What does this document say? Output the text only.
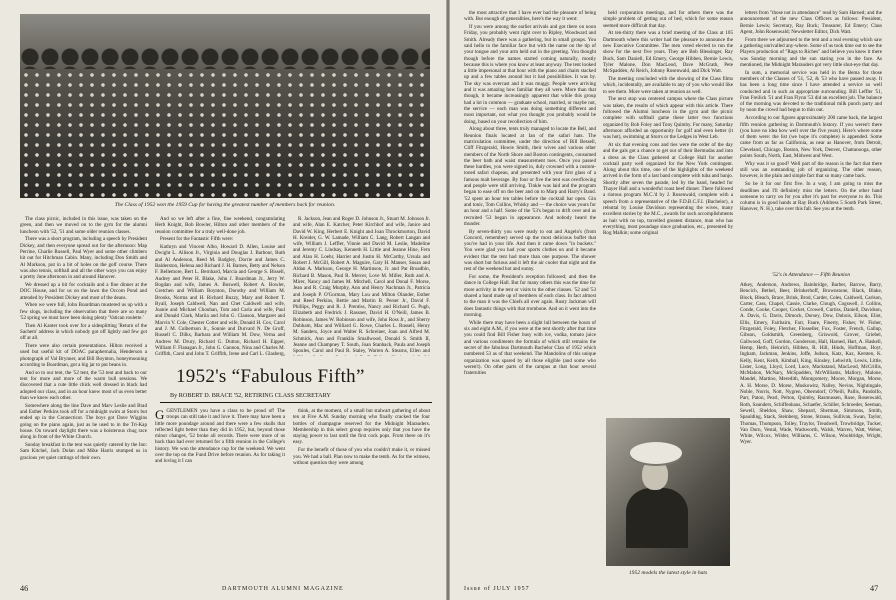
The Class of 1952 won the 1959 Cup for having the greatest number of members back for reunion.

The class picnic, included in this issue, was taken on the green, and then we moved on to the gym for the alumni luncheon with '52, '51 and some older reunion classes.

There was a short program, including a speech by President Dickey, and then everyone spread out for the afternoon: Map Perrine, Charlie Russell, Paul Wyer and some other climbers hit out for Hitchman Cabin. Many, including Don Smith and Al Markson, put in a bit of holes on the golf course. There was also tennis, softball and all the other ways you can enjoy a pretty June afternoon in and around Hanover.

We dressed up a bit for cocktails and a fine dinner at the DOC House, and for us on the lawn the Occom Pond and attended by President Dickey and most of the deans.

When we were full, John Boardman mustered us up with a few slogs, including the observation that there are so many '52 spring we must have been doing plenty 'Vatican roulette.'

Then Al Kanter took over for a sidesplitting 'Return of the Sachem' address in which nobody got off lightly and few got off at all.

There were also certain presentations. Hilton received a used but useful kit of DOAC paraphernalia, Henderson a photograph of Val Brynner, and Bill Boynton, honeymooning according to Boardman, got a big jar to put beans in.

And so to our tent, the '52 tent, the '53 tent and back to our tent for more and more of the warm bull sessions. We discovered that a cute little chick well dressed in black had adopted our class, and in an hour knew most of us even better than we knew each other.

Somewhere along the line Dave and Marv Leslie and Brad and Esther Perkins took off for a midnight swim at Storrs but ended up in the Connecticut. The boys got Dave Wiggins going on the piano again, just as he used to in the Tri-Kap house. On toward daylight there was a boisterous chug race along in front of the White Church.

Sunday breakfast in the tent was quietly catered by the Inn: Sam Kitchel, Jack Dolan and Mike Harris stumped us in gracious yet quiet cuttings of their own.

And so we left after a fine, fine weekend, congratulating Herb Knight, Bob Bowler, Hilton and other members of the reunion committee for a truly well-done job.

Present for the Fantastic Fifth were:

Kathryn and Vincent Albo, Howard D. Allen, Louise and Dwight L. Allison Jr., Virginia and Douglas J. Barbour, Ruth and Al Anderson, Reed M. Badgley, Dorrie and James C. Balderston, Helena and Richard J. H. Barnes, Betty and Nelson F. Bellemore, Bert L. Bernhard, Marcia and George S. Bissell, Audrey and Peter H. Blake, John J. Boardman Jr., Jerry W. Bogdan and wife, James A. Boswell, Robert A. Bowler, Gretchen and William Boynton, Dorothy and William M. Brooks, Norma and H. Richard Buzzy, Mary and Robert T. Byall, Joseph Caldwell, Nan and Chet Caldwell and wife, Joanie and Michael Chouhan, Tom and Carla and wife, Paul and Donald Clark, Mariia and John G. Clauson, Margaret and Marvin V. Cole, Chester Cotter and wife, Donald H. Cox, Carol and J. M. Culbertson Jr., Sonnie and Durvard N. De Groff, Russell C. Dilks, Barbara and William M. Dow, Verna and Andrew M. Drury, Richard G. Dutton, Richard H. Eipper, William F. Flanagan Jr., John G. Gannon, Nina and Charles M. Griffith, Carol and John T. Griffith, Irene and Carl L. Glasberg,

R. Jackson, Jean and Roger D. Johnson Jr., Stuart M. Johnson Jr. and wife, Alan E. Katcher, Peter Kirchhof and wife, Janice and David W. King, Herbert E. Knight and Joan Throckmorton, David H. Kreider, G. W. Lamade, William C. Lang, Robert Langan and wife, William J. Leffler, Vinnie and David M. Leslie, Madeline and Jeremy C. Lindsay, Kenneth H. Little and Jeanne Hine, Fern and Alan H. Loehr, Harriet and Justin H. McCarthy, Ursula and Robert J. McGill, Robert A. Maguire, Gary H. Manser, Susan and Aldan A. Markson, George H. Martinson, Jr. and Pat Broadbin, Richard B. Mason, Paul R. Mercer, Love M. Miller, Ruth and A. Mirer, Nancy and James M. Mitchell, Carol and Donal F. Morse, Jean and R. Craig Murphy, Ann and Henry Nachman Jr., Patricia and Joseph P. O'Gorman, Mary Lou and Milton Olander, Esther and Reed Perkins, Bettie and Martin B. Perser Jr., David F. Phillips, Peggy and R. J. Prentiss, Nancy and Richard G. Pugh, Elizabeth and Fredrick J. Rassner, David H. O'Neill, James B. Robinson, James W. Robinson and wife, John Ross Jr., and Sherry Dubham, Mac and Williard G. Rowe, Charles L. Russell, Henry M. Sanders, Joyce and Walter R. Schreiner, Joan and Alfred M. Schmick, Ann and Franklin Smallwood, Donald S. Smith II, Jeanne and Champney T. South, Joan Stanback, Paula and Joseph Spoules, Carol and Paul R. Staley, Warren A. Stearns, Ellen and

1952's “Fabulous Fifth”
By ROBERT D. BRACE '52, RETIRING CLASS SECRETARY

GGENTLEMEN you have a class to be proud of! The troops can still take it and love it. There may have been a little more poundage around and there were a few skulls that reflected light better than they did in 1952, but, beyond those minor changes, '52 broke all records. There were more of us back than had ever returned for a fifth reunion in the College's history. We won the attendance cup for the weekend. We went over the top on the Fund Drive before reunion. As for taking it and loving it I can

think, at the moment, of a small but stalwart gathering of about ten at Five A.M. Sunday morning who finally cracked the four bottles of champagne reserved for the Midnight Marauders. Membership in this select group requires only that you have the staying power to last until the first cock pops. From there on it's easy.

For the benefit of those of you who couldn't make it, or missed you. We had a ball. Plan now to make the tenth. As for the witness, without question they were among

46	DARTMOUTH ALUMNI MAGAZINE

the most attractive that I have ever had the pleasure of being with. But enough of generalities, here's the way it went:

If you were among the earlier arrivals and got there on noon Friday, you probably went right over to Ripley, Woodward and Smith. Already there was a gathering, but in small groups. You said hello to the familiar face but with the name on the tip of your tongue and your arm held out in the greeting. You thought though before the names started coming naturally, mostly because this is where you know at least anyway. The tent looked a little impersonal at that hour with the piano and chairs stacked up and a few tables around but it had possibilities. It was by. The sky was overcast and it was muggy. People were arriving and it was amazing how familiar they all were. More than that though, it became increasingly apparent that while this group had a lot in common — graduate school, married, or maybe not, the service — each man was doing something different and most important, not what you thought you probably would be doing, based on your recollection of him.

Along about three, tents truly managed to locate the Bell, and Reunion finals located at Ian of the safari hats. The matriculation committee, under the direction of Bill Bessell, Cliff Fitzgerald, Howie Smith, their wives and various other members of the North Shore and Boston contingents, consumed the beer bath and waist measurement toes. Once you passed these hurdles, you were signed in, duly crowned with a custom-toned safari chapeau, and presented with your first glass of a famous malt beverage. By four or five the tent was overflowing and people were still arriving. Tinkle was laid and the program began to ease off on the beer and on to Marp and Harry's Band. '52 spent an hour ten tables before the cocktail bar open. Gin and tonic, Tom Collins, Whisky and — the choice was yours for an hour and a half. Some of the '53's began to drift over and as recruited '53 began in appearance. And nobody heard the thunder.

By seven-thirty you were ready to eat and Angelo's (from Concord, remember) served up the most delicious buffet that you've had in your life. And then it came down "in buckets." You were glad you had your sports clothes on and it became evident that the tent had more than one purpose. The shower was short but furious and it left the air cooler that night and the rest of the weekend hot and sunny.

For some, the President's reception followed; and then the dance in College Hall. But for many others this was the time for more activity in the tent or visits to the other classes. '52 and '53 shared a band made up of members of each class. In fact almost to the man it was the Chiefs all over again. Rusty Jackman will does fantastic things with that trombone. And on it went into the morning.

While there may have been a slight lull between the hours of six and eight A.M., if you were at the tent shortly after that time you could find Bill Fisher busy with ice, vodka, tomato juice and various condiments the formula of which still remains the secret of the fabulous Dartmouth Bachelor Clan of 1952 which numbered 53 as of that weekend. The Mandolins of this unique organization was spared by all those eligible (and some who weren't). On other parts of the campus at that hour several fraternities

held corporation meetings, and for others there was the simple problem of getting out of bed, which for some reason seemed more difficult that day.

At ten-thirty there was a brief meeting of the Class at 105 Dartmouth where this writer had the pleasure to announce the new Executive Committee. The men voted elected to run the show for the next five years. They are Bob Blessinger, Ray Buck, Sam Daniell, Ed Emery, George Hibben, Bernie Lewis, Tyler Malone, Don MacLeod, Dave McGrath, Pete McSpadden, Al Reich, Johnny Rosenwald, and Dick Watt.

The meeting concluded with the showing of the Class films which, incidentally, are available to any of you who would like to see them. More were taken at reunion as well.

The next stop was centered campus where the Class picture was taken, the results of which appear with this article. There followed the Alumni luncheon in the gym and the picnic complete with softball game these latter two functions organized by Bob Foley and Tony Quimby. For many, Saturday afternoon afforded an opportunity for golf and even better (it was hot), swimming at Storrs or the Ledges in West Leb.

At six that evening cons and ties were the order of the day and the gals got a chance to get out of their Bermudas and into a dress as the Class gathered at College Hall for another cocktail party well organized for the New York contingent. Along about this time, one of the highlights of the weekend arrived in the form of a last band complete with tuba and banjo. Shortly after seven the parade, led by the band, headed for Thayer Hall and a wonderful roast beef dinner. There followed a riotous program M.C.'d by J. Rosenwald, complete with a speech from a representative of the F.D.B.C.F.I. (Bachelor), a rebuttal by Louise Davidson representing the wives, many excellent stories by the M.C., awards for such accomplishments as hair with no top, travelled greatest distance, man who has everything, most poundage since graduation, etc., presented by Rog Malkin; some original

1952 models the latest style in hats

letters from "those not in attendance" read by Sam Harned; and the announcement of the new Class Officers as follows: President, Bernie Lewis; Secretary, Ray Buck; Treasurer, Ed Emery; Class Agent, John Rosenwald; Newsletter Editor, Dick Watt.

From there we adjourned to the tent and a real evening which saw a gathering unrivalled any-where. Some of us took time out to see the Players production of "Rags to Riches" and believe you knew it there was Sunday morning and the sun staring you in the face. As mentioned, the Midnight Marauders got very little shut-eye that day.

In sum, a memorial service was held in the Bema for those members of the Classes of '51, '52, & '53 who have passed away. It has been a long time since I have attended a service so well conducted and in such an appropriate surrounding. Bill Leffler '51, Fran Freilick '51 and Fran Flynn '53 did an excellent job. The balance of the morning was devoted to the traditional milk punch party and by noon the crowd had begun to thin out.

According to our figures approximately 200 came back, the largest fifth reunion gathering in Dartmouth's history. If you weren't there (you have no idea how well over the five years). Here's where some of them were: the list (we hope it's complete) is appended. Some came from as far as California, as near as Hanover, from Detroit, Cleveland, Chicago, Boston, New York, Denver, Chattanooga, other points South, North, East, Midwest and West.

Why was it so good? Well part of the reason is the fact that there still was an outstanding job of organizing. The other reason, however, is the plain and simple fact that so many came back.

So be it for our first five. In a way, I am going to miss the deadlines and I'll definitely miss the letters. On the other hand someone to carry on for you after it's past for everyone to do. This column is in good hands at Ray Buck (Address 5 South Park Street, Hanover, N. H.), take over this fall. See you at the tenth.

'52's in Attendance — Fifth Reunion

Atkey, Anderson, Andrews, Bainbridge, Barber, Barrow, Barry, Bencich, Bethel, Beer, Brinkerhoff, Brownstone, Black, Blake, Block, Bleach, Brace, Brink, Brod, Carder, Coles, Caldwell, Carlson, Carter, Cass, Chapel, Cassie, Clarke, Clough, Cogswell, J. Collins, Conde, Cooke, Cooper, Cocket, Crowell, Curtiss, Daniell, Davidson, A. Davis, G. Davis, Dimock, Dorsey, Dow, Dubois, Eilson, Eliot, Ellis, Emery, Fairbairn, Farr, Faure, Finerty, Fisher, W. Fisher, Fitzgerald, Foley, Fletcher, Flosseller, Fox, Foster, French, Gallup, Gibson, Goldsmith, Greenberg, Griswold, Grover, Griebel, Gallwood, Goff, Gordon, Gunderson, Hall, Harned, Hart, A. Haskell, Hemp, Herb, Heinrich, Hibben, R. Hill, Hinds, Hoffman, Hoyt, Ingham, Jackman, Jenkins, Joffe, Judson, Katz, Kaz, Kersten, K. Kelly, Kent, Keith, Kimball, King, Kinsley, Lehwirth, Lewis, Little, Lister, Long, Lloyd, Lord, Luce, Mackstand, MacLeod, McCrillis, McMahon, McNary, McSpadden, McWilliams, Mallory, Malone, Mandel, Martino, Meredith, Montgomery, Moore, Morgan, Morse, A. H. Morse, D. Morse, Moskowitz, Nalley, Nevins, Nightingale, Noble, Norris, Nott, Nygren, Oberndorf, O'Neill, Pallis, Pandolfo, Parr, Paton, Pearl, Pelton, Quimby, Rasmussen, Rose, Rosenwald, Roth, Saunders, Schiffenhaus, Schaefer, Schiller, Schroeder, Seeman, Sewell, Sheldon, Shaw, Shepard, Sherman, Simmons, Smith, Spaulding, Stack, Steinberg, Stone, Strauss, Sullivan, Swan, Taylor, Thomas, Thompson, Tolley, Traylor, Treadwell, Trowbridge, Tucker, Van Dorn, Vestal, Wade, Wadsworth, Walsh, Warren, Watt, Weber, White, Wilcox, Wilder, Williams, C. Wilson, Wooldridge, Wright, Wyer.

Issue of JULY 1957	47
